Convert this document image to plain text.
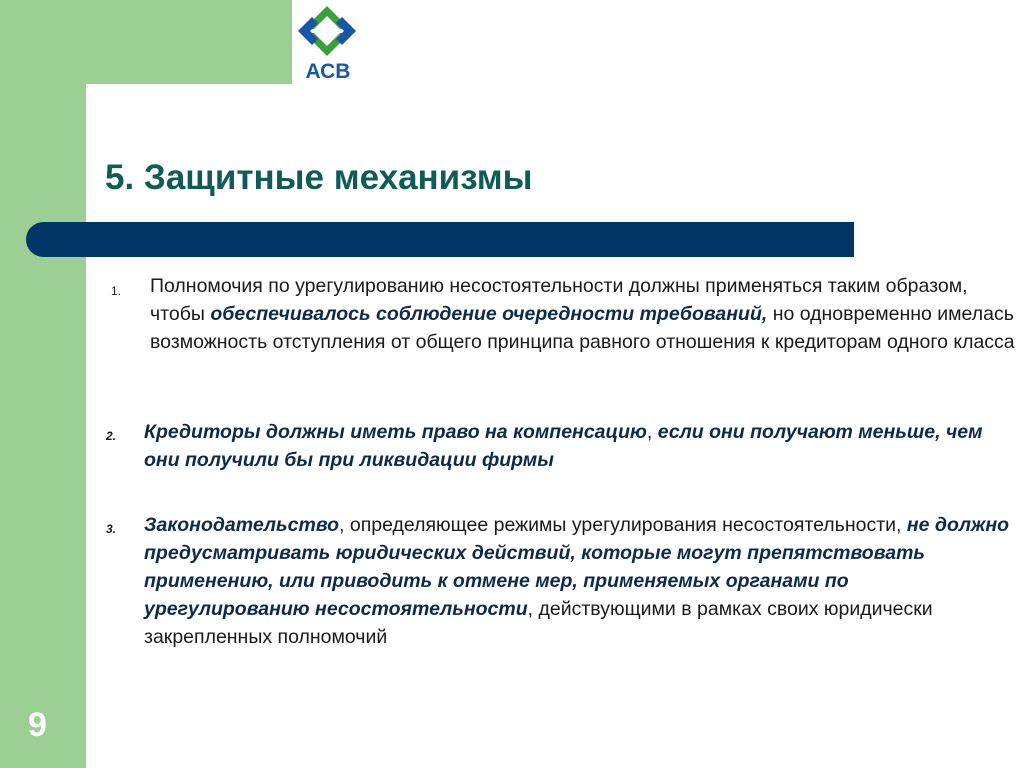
АСВ
5. Защитные механизмы
1. Полномочия по урегулированию несостоятельности должны применяться таким образом, чтобы обеспечивалось соблюдение очередности требований, но одновременно имелась возможность отступления от общего принципа равного отношения к кредиторам одного класса
2. Кредиторы должны иметь право на компенсацию, если они получают меньше, чем они получили бы при ликвидации фирмы
3. Законодательство, определяющее режимы урегулирования несостоятельности, не должно предусматривать юридических действий, которые могут препятствовать применению, или приводить к отмене мер, применяемых органами по урегулированию несостоятельности, действующими в рамках своих юридически закрепленных полномочий
9
